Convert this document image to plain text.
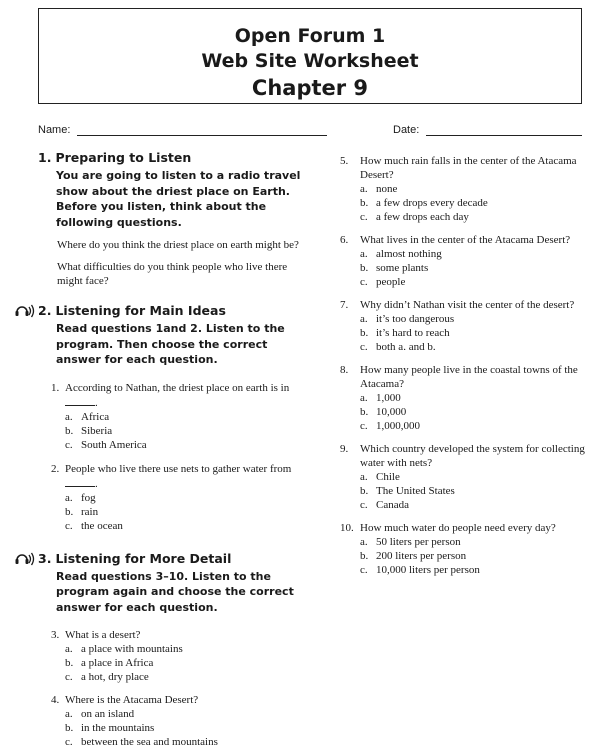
Open Forum 1
Web Site Worksheet
Chapter 9
Name:	Date:
1. Preparing to Listen
You are going to listen to a radio travel show about the driest place on Earth. Before you listen, think about the following questions.
Where do you think the driest place on earth might be?
What difficulties do you think people who live there might face?
2. Listening for Main Ideas
Read questions 1and 2. Listen to the program. Then choose the correct answer for each question.
1. According to Nathan, the driest place on earth is in .
a. Africa
b. Siberia
c. South America
2. People who live there use nets to gather water from .
a. fog
b. rain
c. the ocean
3. Listening for More Detail
Read questions 3–10. Listen to the program again and choose the correct answer for each question.
3. What is a desert?
a. a place with mountains
b. a place in Africa
c. a hot, dry place
4. Where is the Atacama Desert?
a. on an island
b. in the mountains
c. between the sea and mountains
5. How much rain falls in the center of the Atacama Desert?
a. none
b. a few drops every decade
c. a few drops each day
6. What lives in the center of the Atacama Desert?
a. almost nothing
b. some plants
c. people
7. Why didn’t Nathan visit the center of the desert?
a. it’s too dangerous
b. it’s hard to reach
c. both a. and b.
8. How many people live in the coastal towns of the Atacama?
a. 1,000
b. 10,000
c. 1,000,000
9. Which country developed the system for collecting water with nets?
a. Chile
b. The United States
c. Canada
10. How much water do people need every day?
a. 50 liters per person
b. 200 liters per person
c. 10,000 liters per person
